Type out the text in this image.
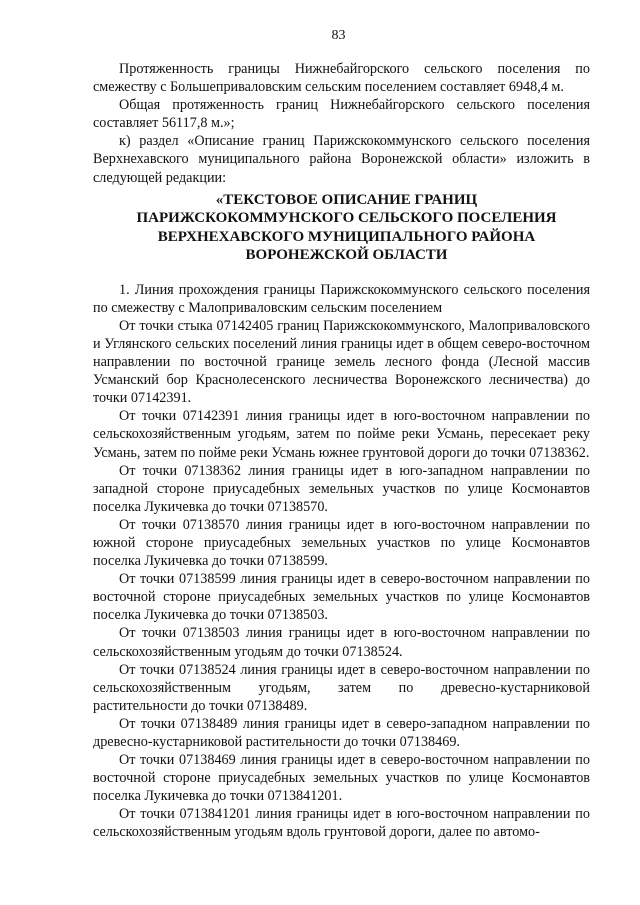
83

Протяженность границы Нижнебайгорского сельского поселения по смежеству с Большеприваловским сельским поселением составляет 6948,4 м.

Общая протяженность границ Нижнебайгорского сельского поселения составляет 56117,8 м.»;

к) раздел «Описание границ Парижскокоммунского сельского поселения Верхнехавского муниципального района Воронежской области» изложить в следующей редакции:

«ТЕКСТОВОЕ ОПИСАНИЕ ГРАНИЦ
ПАРИЖСКОКОММУНСКОГО СЕЛЬСКОГО ПОСЕЛЕНИЯ
ВЕРХНЕХАВСКОГО МУНИЦИПАЛЬНОГО РАЙОНА
ВОРОНЕЖСКОЙ ОБЛАСТИ

1. Линия прохождения границы Парижскокоммунского сельского поселения по смежеству с Малоприваловским сельским поселением

От точки стыка 07142405 границ Парижскокоммунского, Малоприваловского и Углянского сельских поселений линия границы идет в общем северо-восточном направлении по восточной границе земель лесного фонда (Лесной массив Усманский бор Краснолесенского лесничества Воронежского лесничества) до точки 07142391.

От точки 07142391 линия границы идет в юго-восточном направлении по сельскохозяйственным угодьям, затем по пойме реки Усмань, пересекает реку Усмань, затем по пойме реки Усмань южнее грунтовой дороги до точки 07138362.

От точки 07138362 линия границы идет в юго-западном направлении по западной стороне приусадебных земельных участков по улице Космонавтов поселка Лукичевка до точки 07138570.

От точки 07138570 линия границы идет в юго-восточном направлении по южной стороне приусадебных земельных участков по улице Космонавтов поселка Лукичевка до точки 07138599.

От точки 07138599 линия границы идет в северо-восточном направлении по восточной стороне приусадебных земельных участков по улице Космонавтов поселка Лукичевка до точки 07138503.

От точки 07138503 линия границы идет в юго-восточном направлении по сельскохозяйственным угодьям до точки 07138524.

От точки 07138524 линия границы идет в северо-восточном направлении по сельскохозяйственным угодьям, затем по древесно-кустарниковой растительности до точки 07138489.

От точки 07138489 линия границы идет в северо-западном направлении по древесно-кустарниковой растительности до точки 07138469.

От точки 07138469 линия границы идет в северо-восточном направлении по восточной стороне приусадебных земельных участков по улице Космонавтов поселка Лукичевка до точки 0713841201.

От точки 0713841201 линия границы идет в юго-восточном направлении по сельскохозяйственным угодьям вдоль грунтовой дороги, далее по автомо-
